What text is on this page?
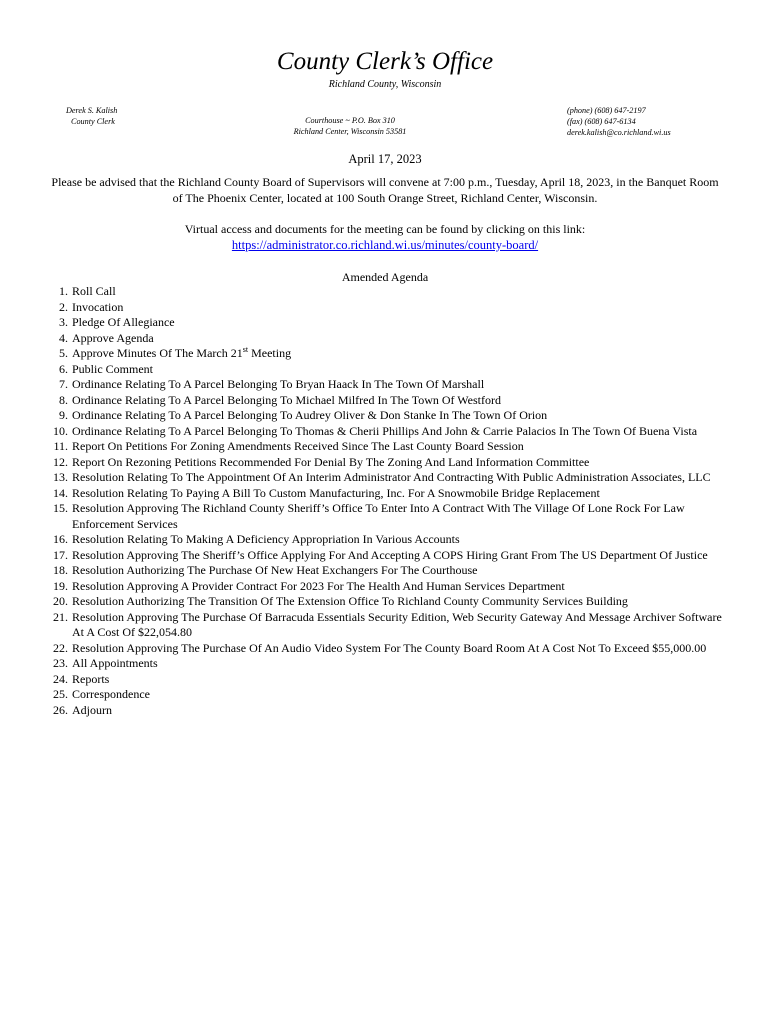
County Clerk’s Office
Richland County, Wisconsin
Derek S. Kalish
County Clerk	Courthouse ~ P.O. Box 310
Richland Center, Wisconsin 53581
(phone) (608) 647-2197
(fax) (608) 647-6134
derek.kalish@co.richland.wi.us
April 17, 2023
Please be advised that the Richland County Board of Supervisors will convene at 7:00 p.m., Tuesday, April 18, 2023, in the Banquet Room of The Phoenix Center, located at 100 South Orange Street, Richland Center, Wisconsin.
Virtual access and documents for the meeting can be found by clicking on this link:
https://administrator.co.richland.wi.us/minutes/county-board/
Amended Agenda
1. Roll Call
2. Invocation
3. Pledge Of Allegiance
4. Approve Agenda
5. Approve Minutes Of The March 21st Meeting
6. Public Comment
7. Ordinance Relating To A Parcel Belonging To Bryan Haack In The Town Of Marshall
8. Ordinance Relating To A Parcel Belonging To Michael Milfred In The Town Of Westford
9. Ordinance Relating To A Parcel Belonging To Audrey Oliver & Don Stanke In The Town Of Orion
10. Ordinance Relating To A Parcel Belonging To Thomas & Cherii Phillips And John & Carrie Palacios In The Town Of Buena Vista
11. Report On Petitions For Zoning Amendments Received Since The Last County Board Session
12. Report On Rezoning Petitions Recommended For Denial By The Zoning And Land Information Committee
13. Resolution Relating To The Appointment Of An Interim Administrator And Contracting With Public Administration Associates, LLC
14. Resolution Relating To Paying A Bill To Custom Manufacturing, Inc. For A Snowmobile Bridge Replacement
15. Resolution Approving The Richland County Sheriff’s Office To Enter Into A Contract With The Village Of Lone Rock For Law Enforcement Services
16. Resolution Relating To Making A Deficiency Appropriation In Various Accounts
17. Resolution Approving The Sheriff’s Office Applying For And Accepting A COPS Hiring Grant From The US Department Of Justice
18. Resolution Authorizing The Purchase Of New Heat Exchangers For The Courthouse
19. Resolution Approving A Provider Contract For 2023 For The Health And Human Services Department
20. Resolution Authorizing The Transition Of The Extension Office To Richland County Community Services Building
21. Resolution Approving The Purchase Of Barracuda Essentials Security Edition, Web Security Gateway And Message Archiver Software At A Cost Of $22,054.80
22. Resolution Approving The Purchase Of An Audio Video System For The County Board Room At A Cost Not To Exceed $55,000.00
23. All Appointments
24. Reports
25. Correspondence
26. Adjourn
